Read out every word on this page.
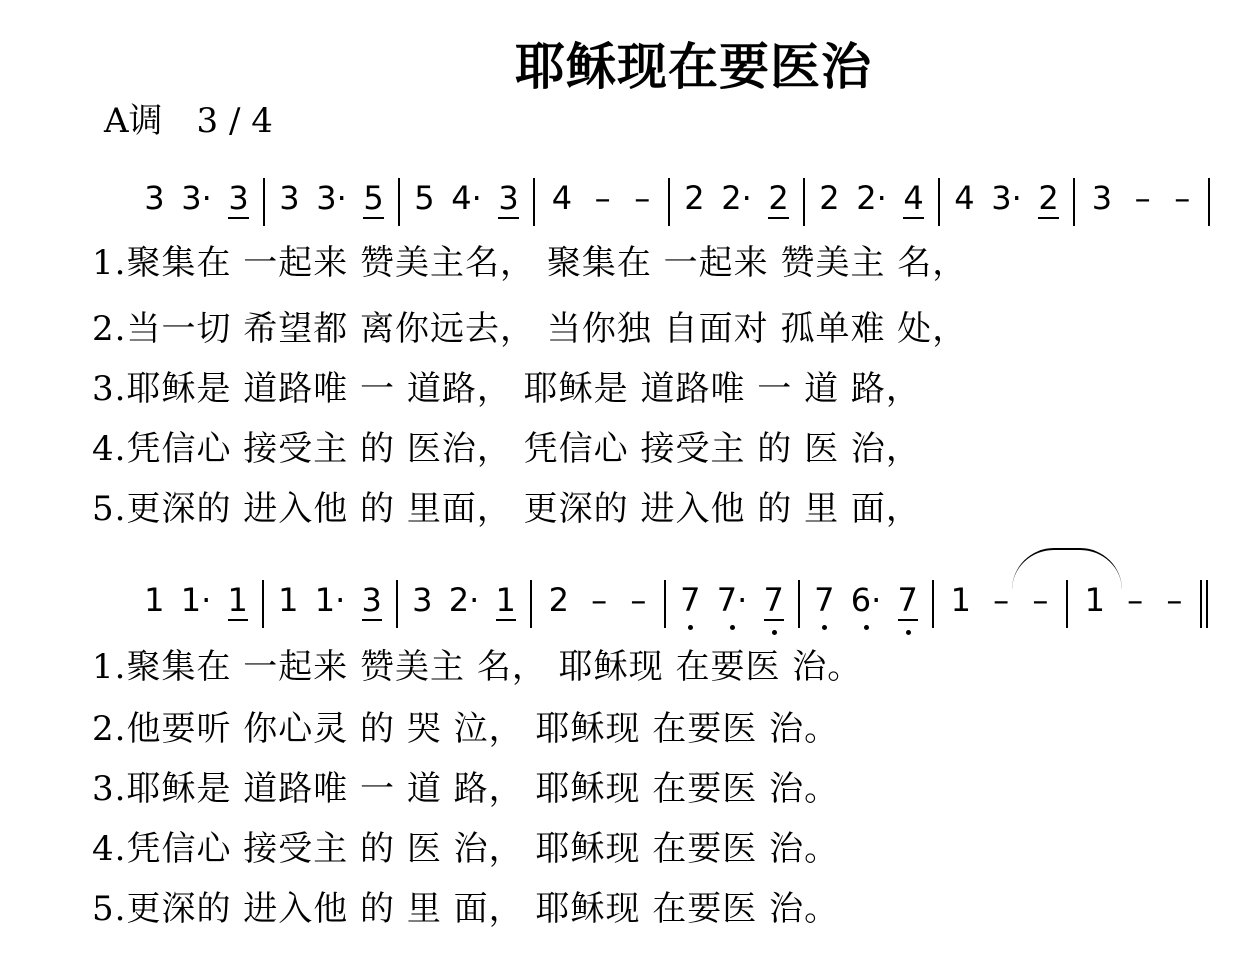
耶稣现在要医治
A调　3 / 4
3 3· 3 3 3· 5 5 4· 3 4 – – 2 2· 2 2 2· 4 4 3· 2 3 – –
1.聚集在 一起来 赞美主名， 聚集在 一起来 赞美主 名，
2.当一切 希望都 离你远去， 当你独 自面对 孤单难 处，
3.耶稣是 道路唯 一 道路， 耶稣是 道路唯 一 道 路，
4.凭信心 接受主 的 医治， 凭信心 接受主 的 医 治，
5.更深的 进入他 的 里面， 更深的 进入他 的 里 面，
1 1· 1 1 1· 3 3 2· 1 2 – – 7 7· 7 7 6· 7 1 – – 1 – –
1.聚集在 一起来 赞美主 名， 耶稣现 在要医 治。
2.他要听 你心灵 的 哭 泣， 耶稣现 在要医 治。
3.耶稣是 道路唯 一 道 路， 耶稣现 在要医 治。
4.凭信心 接受主 的 医 治， 耶稣现 在要医 治。
5.更深的 进入他 的 里 面， 耶稣现 在要医 治。
